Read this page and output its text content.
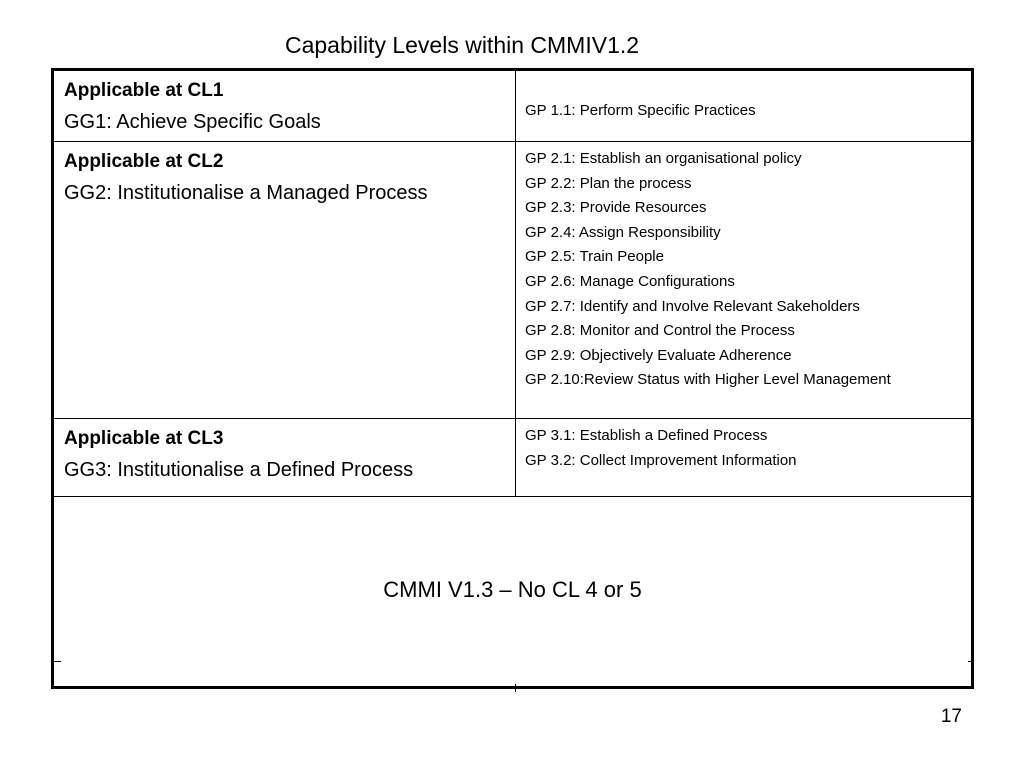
Capability Levels within CMMIV1.2
Applicable at CL1
GG1: Achieve Specific Goals
GP 1.1: Perform Specific Practices
Applicable at CL2
GG2: Institutionalise a Managed Process
GP 2.1: Establish an organisational policy
GP 2.2: Plan the process
GP 2.3: Provide Resources
GP 2.4: Assign Responsibility
GP 2.5: Train People
GP 2.6: Manage Configurations
GP 2.7: Identify and Involve Relevant Sakeholders
GP 2.8: Monitor and Control the Process
GP 2.9: Objectively Evaluate Adherence
GP 2.10:Review Status with Higher Level Management
Applicable at CL3
GG3: Institutionalise a Defined Process
GP 3.1: Establish a Defined Process
GP 3.2: Collect Improvement Information
CMMI V1.3 – No CL 4 or 5
17
